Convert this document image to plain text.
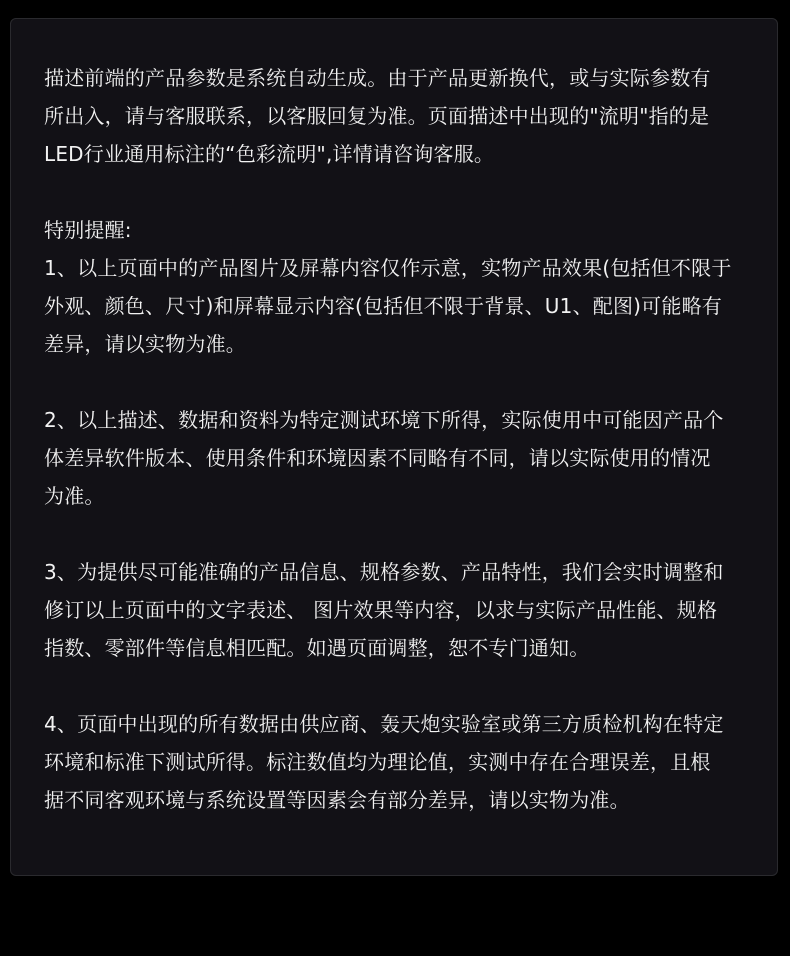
描述前端的产品参数是系统自动生成。由于产品更新换代，或与实际参数有
所出入，请与客服联系，以客服回复为准。页面描述中出现的"流明"指的是
LED行业通用标注的“色彩流明",详情请咨询客服。
特别提醒:
1、以上页面中的产品图片及屏幕内容仅作示意，实物产品效果(包括但不限于
外观、颜色、尺寸)和屏幕显示内容(包括但不限于背景、U1、配图)可能略有
差异，请以实物为准。
2、以上描述、数据和资料为特定测试环境下所得，实际使用中可能因产品个
体差异软件版本、使用条件和环境因素不同略有不同，请以实际使用的情况
为准。
3、为提供尽可能准确的产品信息、规格参数、产品特性，我们会实时调整和
修订以上页面中的文字表述、 图片效果等内容，以求与实际产品性能、规格
指数、零部件等信息相匹配。如遇页面调整，恕不专门通知。
4、页面中出现的所有数据由供应商、轰天炮实验室或第三方质检机构在特定
环境和标准下测试所得。标注数值均为理论值，实测中存在合理误差，且根
据不同客观环境与系统设置等因素会有部分差异，请以实物为准。
